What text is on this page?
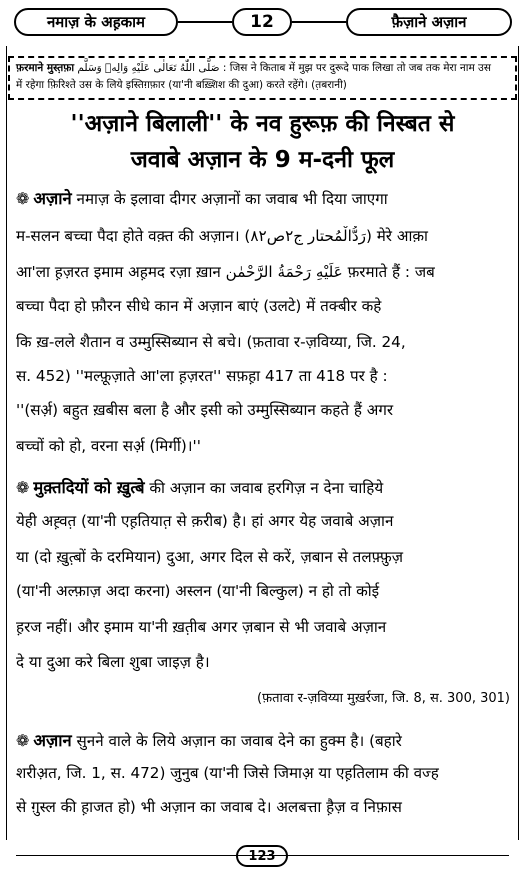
नमाज़ के अह़काम	12	फ़ैज़ाने अज़ान
फ़रमाने मुस्त़फ़ा صَلَّى اللّٰهُ تَعَالٰى عَلَيْهِ وَالِهٖ وَسَلَّم : जिस ने किताब में मुझ पर दुरूदे पाक लिखा तो जब तक मेरा नाम उस
में रहेगा फ़िरिश्ते उस के लिये इस्तिग़फ़ार (या'नी बख़्शिश की दुआ) करते रहेंगे। (त़बरानी)
''अज़ाने बिलाली'' के नव हुरूफ़ की निस्बत से
जवाबे अज़ान के 9 म-दनी फूल
❁ अज़ाने नमाज़ के इलावा दीगर अज़ानों का जवाब भी दिया जाएगा
म-सलन बच्चा पैदा होते वक़्त की अज़ान। (رَدُّالْمُحتار ج۲ص۸۲) मेरे आक़ा
आ'ला ह़ज़रत इमाम अह़मद रज़ा ख़ान عَلَيْهِ رَحْمَةُ الرَّحْمٰن फ़रमाते हैं : जब
बच्चा पैदा हो फ़ौरन सीधे कान में अज़ान बाएं (उलटे) में तक्बीर कहे
कि ख़-लले शैतान व उम्मुस्सिब्यान से बचे। (फ़तावा र-ज़विय्या, जि. 24,
स. 452) ''मल्फ़ूज़ाते आ'ला ह़ज़रत'' सफ़ह़ा 417 ता 418 पर है :
''(सर्अ़) बहुत ख़बीस बला है और इसी को उम्मुस्सिब्यान कहते हैं अगर
बच्चों को हो, वरना सर्अ़ (मिर्गी)।''
❁ मुक़्तदियों को ख़ुत्बे की अज़ान का जवाब हरगिज़ न देना चाहिये
येही अह़्वत़ (या'नी एह़तियात़ से क़रीब) है। हां अगर येह जवाबे अज़ान
या (दो ख़ुत़्बों के दरमियान) दुआ, अगर दिल से करें, ज़बान से तलफ़्फ़ुज़
(या'नी अल्फ़ाज़ अदा करना) अस्लन (या'नी बिल्कुल) न हो तो कोई
ह़रज नहीं। और इमाम या'नी ख़त़ीब अगर ज़बान से भी जवाबे अज़ान
दे या दुआ करे बिला शुबा जाइज़ है।
(फ़तावा र-ज़विय्या मुख़र्रजा, जि. 8, स. 300, 301)
❁ अज़ान सुनने वाले के लिये अज़ान का जवाब देने का हुक्म है। (बहारे
शरीअ़त, जि. 1, स. 472) जुनुब (या'नी जिसे जिमाअ़ या एह़तिलाम की वज्ह
से ग़ुस्ल की ह़ाजत हो) भी अज़ान का जवाब दे। अलबत्ता ह़ैज़ व निफ़ास
123
